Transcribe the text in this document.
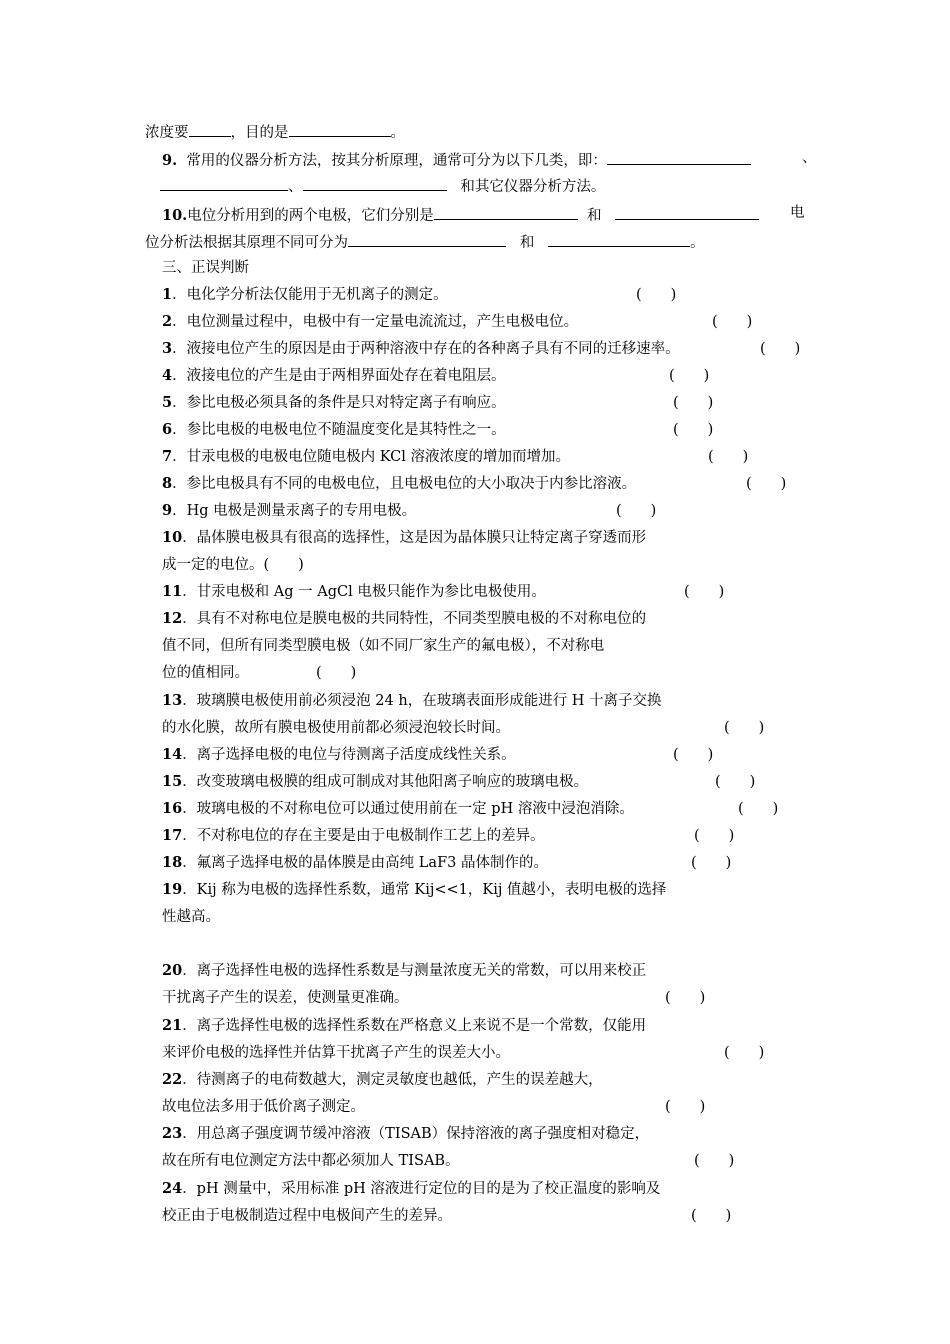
浓度要	，目的是	。
9. 常用的仪器分析方法，按其分析原理，通常可分为以下几类，即：	、
、	和其它仪器分析方法。
10.电位分析用到的两个电极，它们分别是	和	电
位分析法根据其原理不同可分为	和	。
三、正误判断
1．电化学分析法仅能用于无机离子的测定。	(　　)
2．电位测量过程中，电极中有一定量电流流过，产生电极电位。	(　　)
3．液接电位产生的原因是由于两种溶液中存在的各种离子具有不同的迁移速率。	(　　)
4．液接电位的产生是由于两相界面处存在着电阻层。	(　　)
5．参比电极必须具备的条件是只对特定离子有响应。	(　　)
6．参比电极的电极电位不随温度变化是其特性之一。	(　　)
7．甘汞电极的电极电位随电极内 KCl 溶液浓度的增加而增加。	(　　)
8．参比电极具有不同的电极电位，且电极电位的大小取决于内参比溶液。	(　　)
9．Hg 电极是测量汞离子的专用电极。	(　　)
10．晶体膜电极具有很高的选择性，这是因为晶体膜只让特定离子穿透而形
成一定的电位。(　　)
11．甘汞电极和 Ag 一 AgCl 电极只能作为参比电极使用。	(　　)
12．具有不对称电位是膜电极的共同特性，不同类型膜电极的不对称电位的
值不同，但所有同类型膜电极（如不同厂家生产的氟电极），不对称电
位的值相同。	(　　)
13．玻璃膜电极使用前必须浸泡 24 h，在玻璃表面形成能进行 H 十离子交换
的水化膜，故所有膜电极使用前都必须浸泡较长时间。	(　　)
14．离子选择电极的电位与待测离子活度成线性关系。	(　　)
15．改变玻璃电极膜的组成可制成对其他阳离子响应的玻璃电极。	(　　)
16．玻璃电极的不对称电位可以通过使用前在一定 pH 溶液中浸泡消除。	(　　)
17．不对称电位的存在主要是由于电极制作工艺上的差异。	(　　)
18．氟离子选择电极的晶体膜是由高纯 LaF3 晶体制作的。	(　　)
19．Kij 称为电极的选择性系数，通常 Kij<<1，Kij 值越小，表明电极的选择
性越高。
20．离子选择性电极的选择性系数是与测量浓度无关的常数，可以用来校正
干扰离子产生的误差，使测量更准确。	(　　)
21．离子选择性电极的选择性系数在严格意义上来说不是一个常数，仅能用
来评价电极的选择性并估算干扰离子产生的误差大小。	(　　)
22．待测离子的电荷数越大，测定灵敏度也越低，产生的误差越大，
故电位法多用于低价离子测定。	(　　)
23．用总离子强度调节缓冲溶液（TISAB）保持溶液的离子强度相对稳定，
故在所有电位测定方法中都必须加人 TISAB。	(　　)
24．pH 测量中，采用标准 pH 溶液进行定位的目的是为了校正温度的影响及
校正由于电极制造过程中电极间产生的差异。	(　　)
